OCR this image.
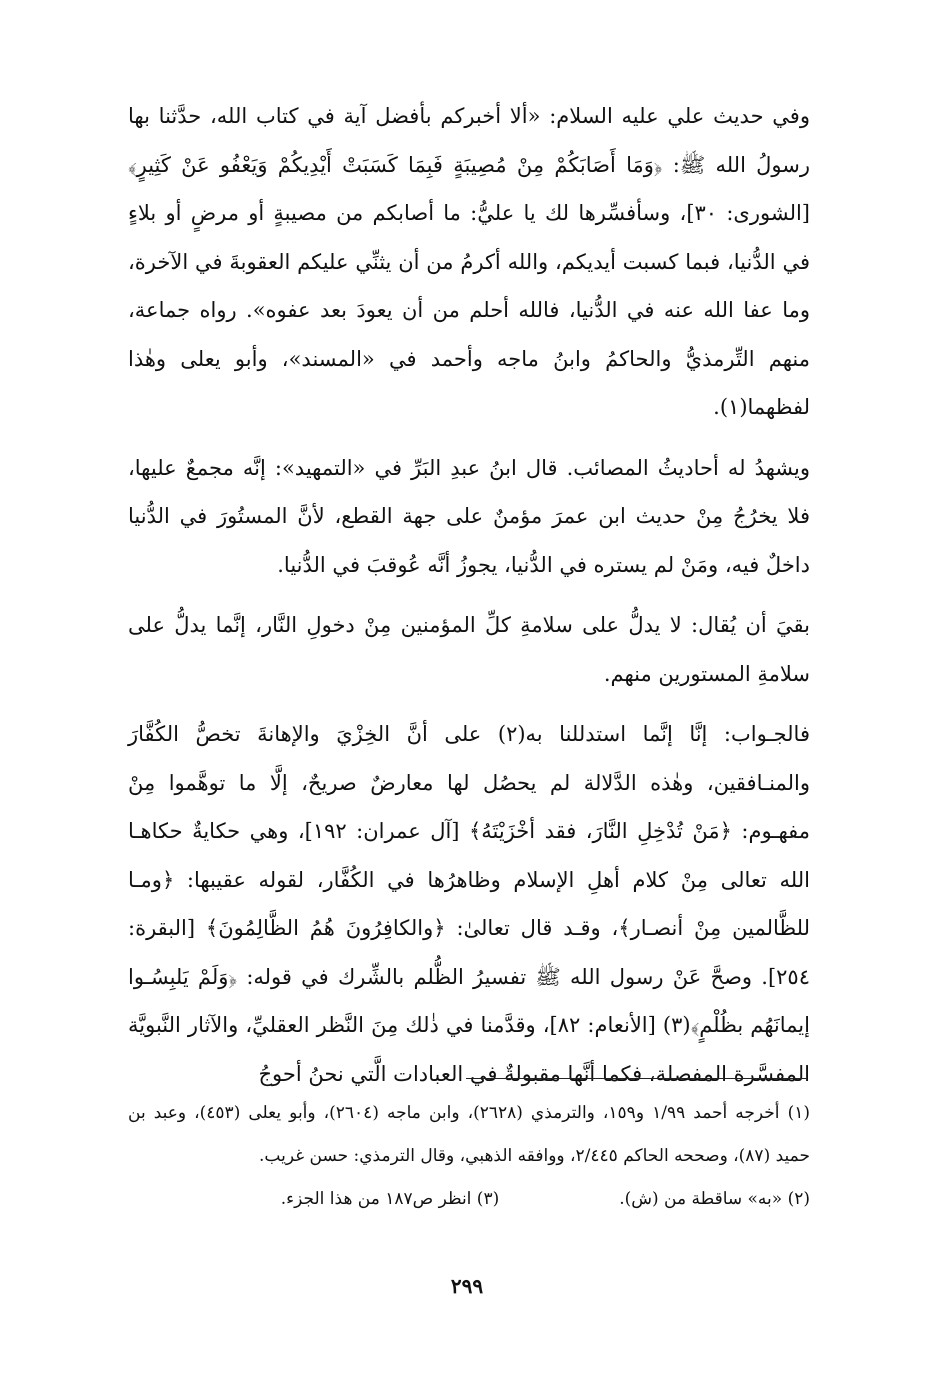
وفي حديث علي عليه السلام: «ألا أخبركم بأفضل آية في كتاب الله، حدَّثنا بها رسولُ الله ﷺ: ﴿وَمَا أَصَابَكُمْ مِنْ مُصِيبَةٍ فَبِمَا كَسَبَتْ أَيْدِيكُمْ وَيَعْفُو عَنْ كَثِيرٍ﴾ [الشورى: ٣٠]، وسأفسِّرها لك يا عليُّ: ما أصابكم من مصيبةٍ أو مرضٍ أو بلاءٍ في الدُّنيا، فبما كسبت أيديكم، والله أكرمُ من أن يثنِّي عليكم العقوبةَ في الآخرة، وما عفا الله عنه في الدُّنيا، فالله أحلم من أن يعودَ بعد عفوه». رواه جماعة، منهم التِّرمذيُّ والحاكمُ وابنُ ماجه وأحمد في «المسند»، وأبو يعلى وهٰذا لفظهما(١).

ويشهدُ له أحاديثُ المصائب. قال ابنُ عبدِ البَرِّ في «التمهيد»: إنَّه مجمعٌ عليها، فلا يخرُجُ مِنْ حديث ابن عمرَ مؤمنٌ على جهة القطع، لأنَّ المستُورَ في الدُّنيا داخلٌ فيه، ومَنْ لم يستره في الدُّنيا، يجوزُ أنَّه عُوقبَ في الدُّنيا.

بقيَ أن يُقال: لا يدلُّ على سلامةِ كلِّ المؤمنين مِنْ دخولِ النَّار، إنَّما يدلُّ على سلامةِ المستورين منهم.

فالجـواب: إنَّا إنَّما استدللنا به(٢) على أنَّ الخِزْيَ والإهانةَ تخصُّ الكُفَّارَ والمنـافقين، وهٰذه الدَّلالة لم يحصُل لها معارضٌ صريحٌ، إلَّا ما توهَّموا مِنْ مفهـوم: ﴿مَنْ تُدْخِلِ النَّارَ، فقد أخْزَيْتَهُ﴾ [آل عمران: ١٩٢]، وهي حكايةٌ حكاهـا الله تعالى مِنْ كلام أهلِ الإسلام وظاهرُها في الكُفَّار، لقوله عقيبها: ﴿ومـا للظَّالمين مِنْ أنصـار﴾، وقـد قال تعالىٰ: ﴿والكافِرُونَ هُمُ الظَّالِمُونَ﴾ [البقرة: ٢٥٤]. وصحَّ عَنْ رسول الله ﷺ تفسيرُ الظُّلم بالشِّرك في قوله: ﴿وَلَمْ يَلبِسُـوا إيمانَهُم بظُلْمٍ﴾(٣) [الأنعام: ٨٢]، وقدَّمنا في ذٰلك مِنَ النَّظر العقليِّ، والآثار النَّبويَّة المفسَّرة المفصلة، فكما أنَّها مقبولةٌ في العبادات الَّتي نحنُ أحوجُ

(١) أخرجه أحمد ١/٩٩ و١٥٩، والترمذي (٢٦٢٨)، وابن ماجه (٢٦٠٤)، وأبو يعلى (٤٥٣)، وعبد بن حميد (٨٧)، وصححه الحاكم ٢/٤٤٥، ووافقه الذهبي، وقال الترمذي: حسن غريب.

(٢) «به» ساقطة من (ش).
(٣) انظر ص١٨٧ من هذا الجزء.
٢٩٩
